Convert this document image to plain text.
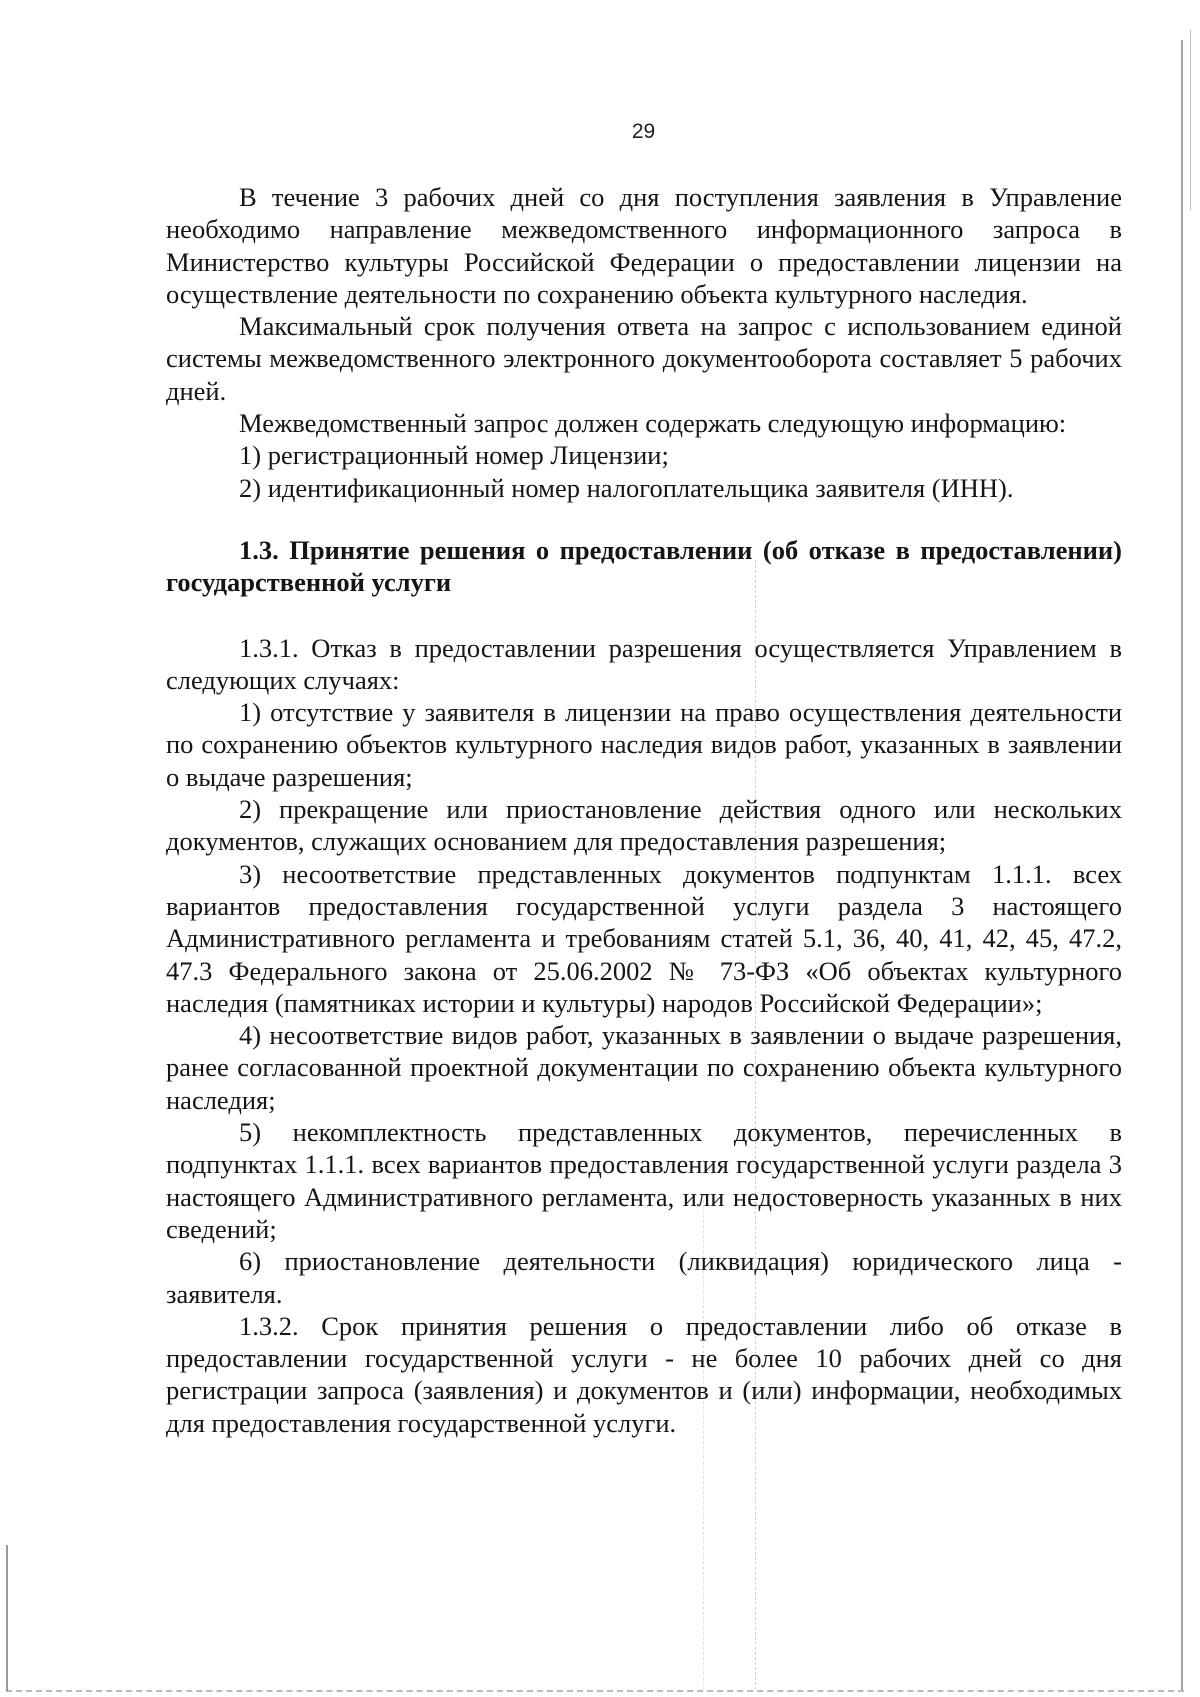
29

В течение 3 рабочих дней со дня поступления заявления в Управление необходимо направление межведомственного информационного запроса в Министерство культуры Российской Федерации о предоставлении лицензии на осуществление деятельности по сохранению объекта культурного наследия.

Максимальный срок получения ответа на запрос с использованием единой системы межведомственного электронного документооборота составляет 5 рабочих дней.

Межведомственный запрос должен содержать следующую информацию:

1) регистрационный номер Лицензии;

2) идентификационный номер налогоплательщика заявителя (ИНН).

1.3. Принятие решения о предоставлении (об отказе в предоставлении) государственной услуги

1.3.1. Отказ в предоставлении разрешения осуществляется Управлением в следующих случаях:

1) отсутствие у заявителя в лицензии на право осуществления деятельности по сохранению объектов культурного наследия видов работ, указанных в заявлении о выдаче разрешения;

2) прекращение или приостановление действия одного или нескольких документов, служащих основанием для предоставления разрешения;

3) несоответствие представленных документов подпунктам 1.1.1. всех вариантов предоставления государственной услуги раздела 3 настоящего Административного регламента и требованиям статей 5.1, 36, 40, 41, 42, 45, 47.2, 47.3 Федерального закона от 25.06.2002 № 73-ФЗ «Об объектах культурного наследия (памятниках истории и культуры) народов Российской Федерации»;

4) несоответствие видов работ, указанных в заявлении о выдаче разрешения, ранее согласованной проектной документации по сохранению объекта культурного наследия;

5) некомплектность представленных документов, перечисленных в подпунктах 1.1.1. всех вариантов предоставления государственной услуги раздела 3 настоящего Административного регламента, или недостоверность указанных в них сведений;

6) приостановление деятельности (ликвидация) юридического лица - заявителя.

1.3.2. Срок принятия решения о предоставлении либо об отказе в предоставлении государственной услуги - не более 10 рабочих дней со дня регистрации запроса (заявления) и документов и (или) информации, необходимых для предоставления государственной услуги.
